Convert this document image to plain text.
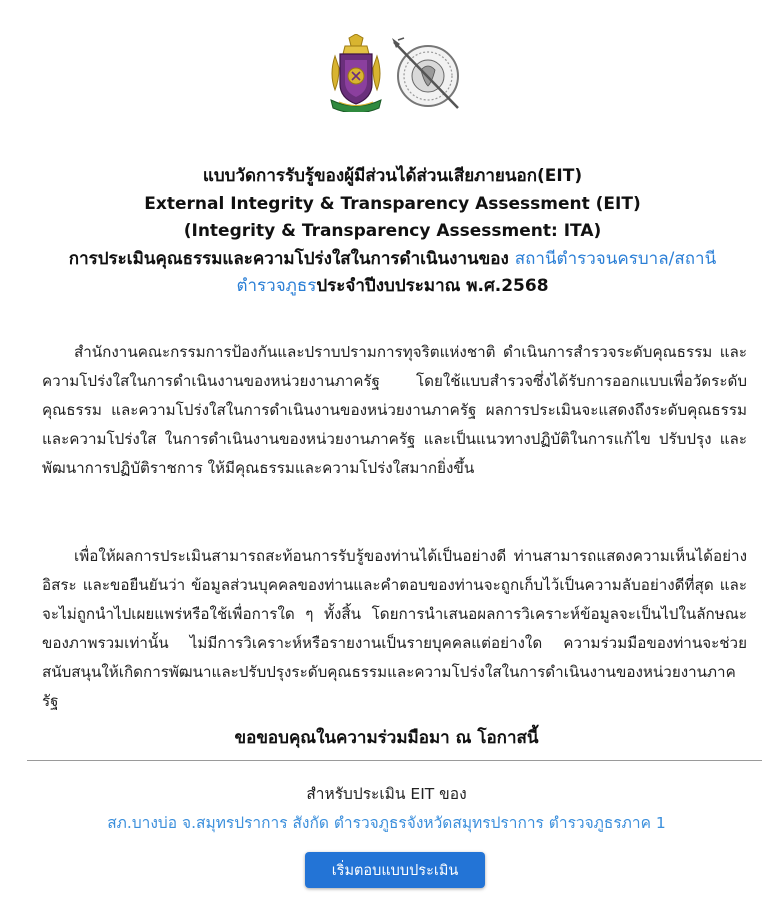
แบบวัดการรับรู้ของผู้มีส่วนได้ส่วนเสียภายนอก(EIT)
External Integrity & Transparency Assessment (EIT)
(Integrity & Transparency Assessment: ITA)
การประเมินคุณธรรมและความโปร่งใสในการดำเนินงานของ สถานีตำรวจนครบาล/สถานี
ตำรวจภูธรประจำปีงบประมาณ พ.ศ.2568

สำนักงานคณะกรรมการป้องกันและปราบปรามการทุจริตแห่งชาติ ดำเนินการสำรวจระดับคุณธรรม และความโปร่งใสในการดำเนินงานของหน่วยงานภาครัฐ โดยใช้แบบสำรวจซึ่งได้รับการออกแบบเพื่อวัดระดับคุณธรรม และความโปร่งใสในการดำเนินงานของหน่วยงานภาครัฐ ผลการประเมินจะแสดงถึงระดับคุณธรรมและความโปร่งใส ในการดำเนินงานของหน่วยงานภาครัฐ และเป็นแนวทางปฏิบัติในการแก้ไข ปรับปรุง และพัฒนาการปฏิบัติราชการ ให้มีคุณธรรมและความโปร่งใสมากยิ่งขึ้น

เพื่อให้ผลการประเมินสามารถสะท้อนการรับรู้ของท่านได้เป็นอย่างดี ท่านสามารถแสดงความเห็นได้อย่างอิสระ และขอยืนยันว่า ข้อมูลส่วนบุคคลของท่านและคำตอบของท่านจะถูกเก็บไว้เป็นความลับอย่างดีที่สุด และจะไม่ถูกนำไปเผยแพร่หรือใช้เพื่อการใด ๆ ทั้งสิ้น โดยการนำเสนอผลการวิเคราะห์ข้อมูลจะเป็นไปในลักษณะของภาพรวมเท่านั้น ไม่มีการวิเคราะห์หรือรายงานเป็นรายบุคคลแต่อย่างใด ความร่วมมือของท่านจะช่วยสนับสนุนให้เกิดการพัฒนาและปรับปรุงระดับคุณธรรมและความโปร่งใสในการดำเนินงานของหน่วยงานภาครัฐ

ขอขอบคุณในความร่วมมือมา ณ โอกาสนี้
สำหรับประเมิน EIT ของ
สภ.บางบ่อ จ.สมุทรปราการ สังกัด ตำรวจภูธรจังหวัดสมุทรปราการ ตำรวจภูธรภาค 1
เริ่มตอบแบบประเมิน
